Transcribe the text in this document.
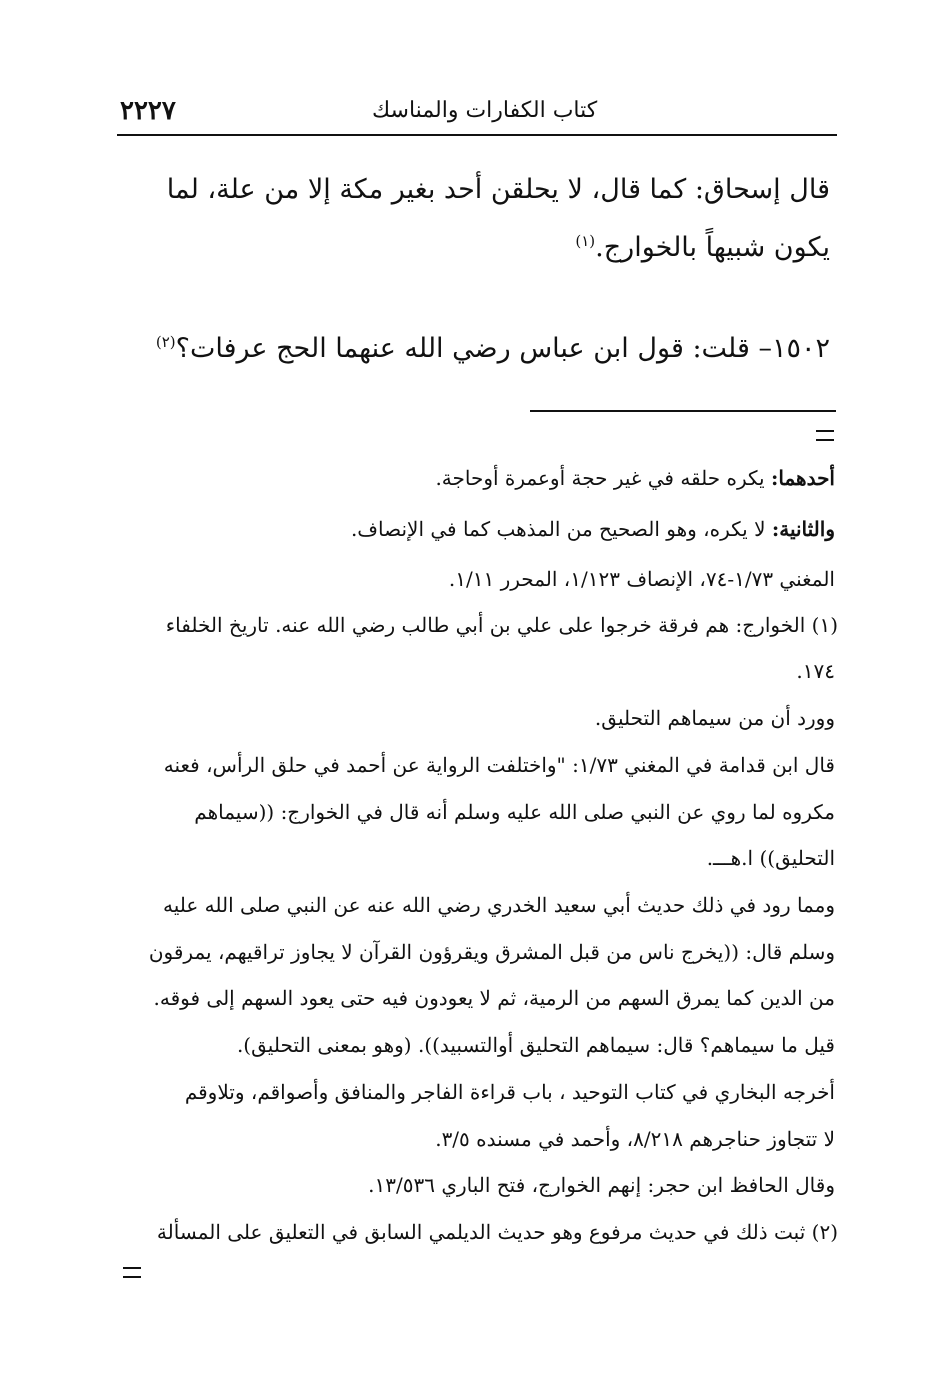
٢٢٢٧	كتاب الكفارات والمناسك
قال إسحاق: كما قال، لا يحلقن أحد بغير مكة إلا من علة، لما
يكون شبيهاً بالخوارج.$^{(١)}$
١٥٠٢– قلت: قول ابن عباس رضي الله عنهما الحج عرفات؟$^{(٢)}$
أحدهما: يكره حلقه في غير حجة أوعمرة أوحاجة.
والثانية: لا يكره، وهو الصحيح من المذهب كما في الإنصاف.
المغني ١/٧٣-٧٤، الإنصاف ١/١٢٣، المحرر ١/١١.
(١) الخوارج: هم فرقة خرجوا على علي بن أبي طالب رضي الله عنه. تاريخ الخلفاء
١٧٤.
وورد أن من سيماهم التحليق.
قال ابن قدامة في المغني ١/٧٣: "واختلفت الرواية عن أحمد في حلق الرأس، فعنه
مكروه لما روي عن النبي صلى الله عليه وسلم أنه قال في الخوارج: ((سيماهم
التحليق)) ا.هـــ.
ومما رود في ذلك حديث أبي سعيد الخدري رضي الله عنه عن النبي صلى الله عليه
وسلم قال: ((يخرج ناس من قبل المشرق ويقرؤون القرآن لا يجاوز تراقيهم، يمرقون
من الدين كما يمرق السهم من الرمية، ثم لا يعودون فيه حتى يعود السهم إلى فوقه.
قيل ما سيماهم؟ قال: سيماهم التحليق أوالتسبيد)). (وهو بمعنى التحليق).
أخرجه البخاري في كتاب التوحيد ، باب قراءة الفاجر والمنافق وأصواقم، وتلاوقم
لا تتجاوز حناجرهم ٨/٢١٨، وأحمد في مسنده ٣/٥.
وقال الحافظ ابن حجر: إنهم الخوارج، فتح الباري ١٣/٥٣٦.
(٢) ثبت ذلك في حديث مرفوع وهو حديث الديلمي السابق في التعليق على المسألة
